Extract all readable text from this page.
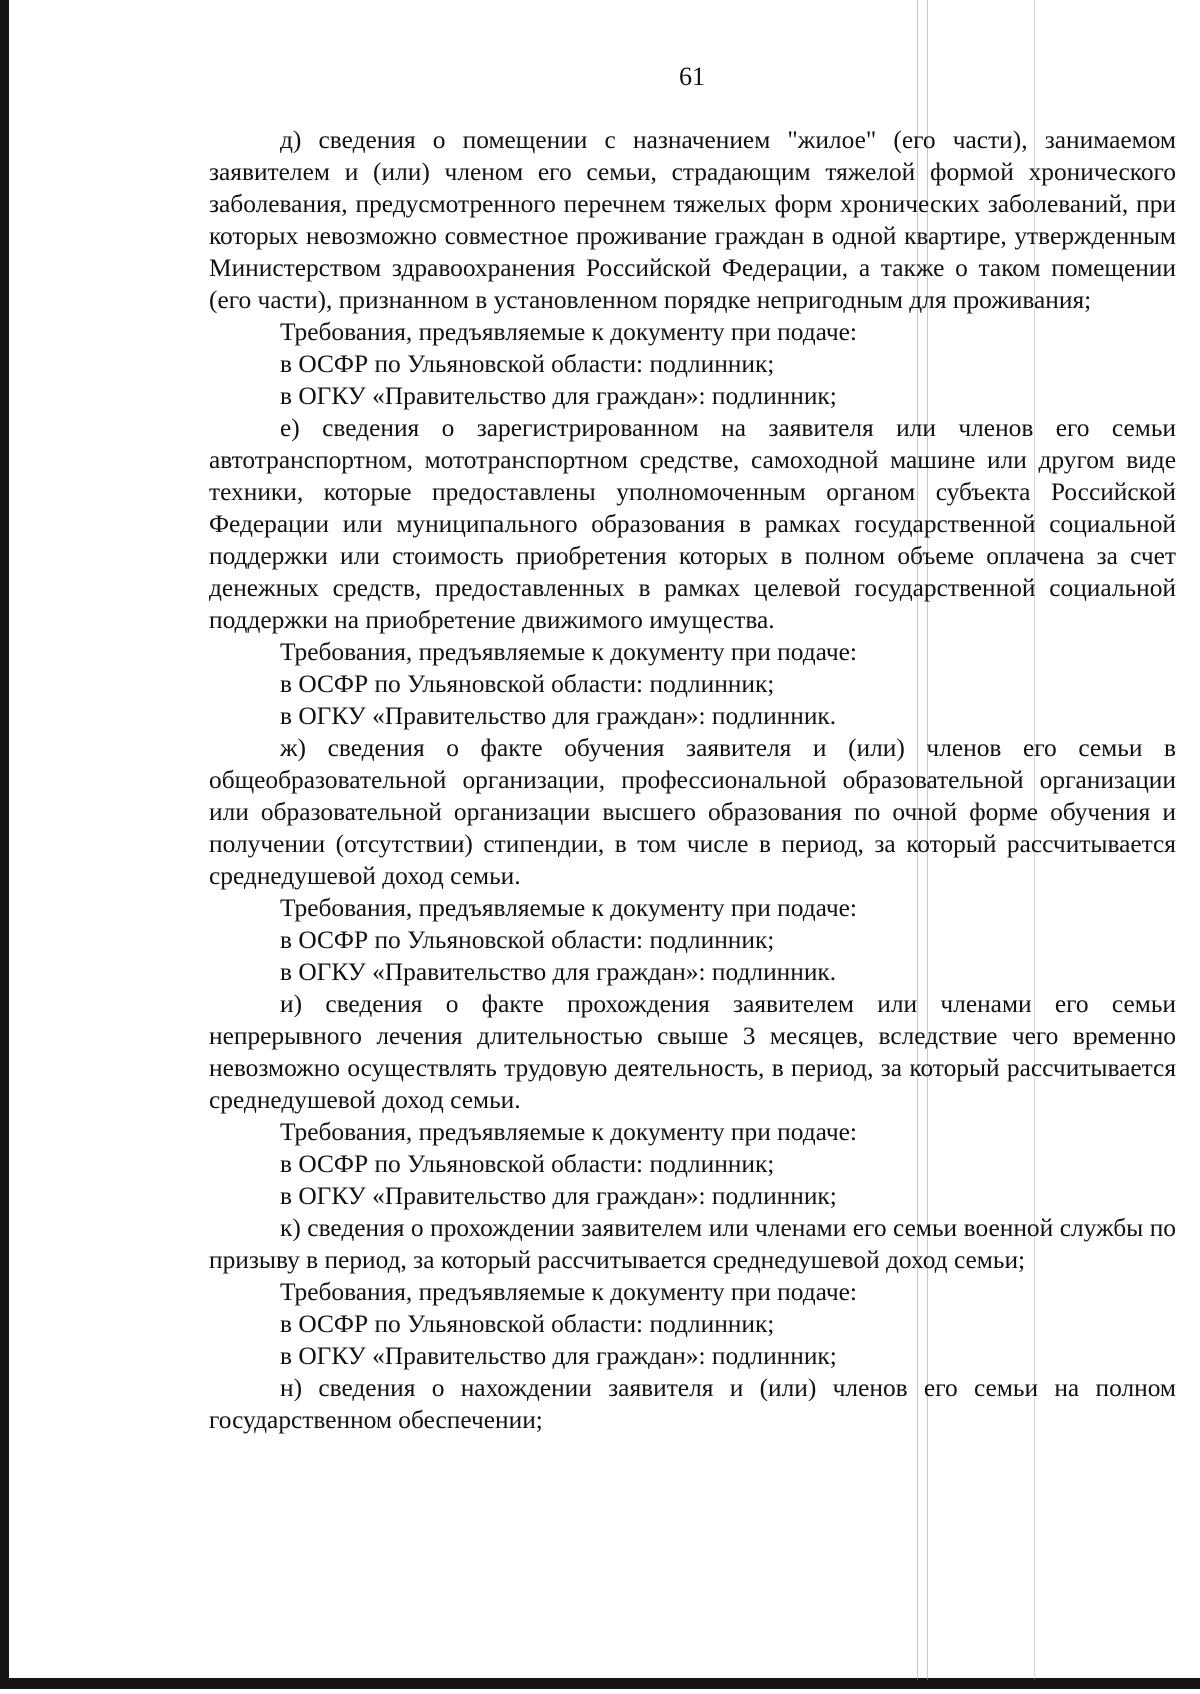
61

д) сведения о помещении с назначением "жилое" (его части), занимаемом заявителем и (или) членом его семьи, страдающим тяжелой формой хронического заболевания, предусмотренного перечнем тяжелых форм хронических заболеваний, при которых невозможно совместное проживание граждан в одной квартире, утвержденным Министерством здравоохранения Российской Федерации, а также о таком помещении (его части), признанном в установленном порядке непригодным для проживания;

Требования, предъявляемые к документу при подаче:

в ОСФР по Ульяновской области: подлинник;

в ОГКУ «Правительство для граждан»: подлинник;

е) сведения о зарегистрированном на заявителя или членов его семьи автотранспортном, мототранспортном средстве, самоходной машине или другом виде техники, которые предоставлены уполномоченным органом субъекта Российской Федерации или муниципального образования в рамках государственной социальной поддержки или стоимость приобретения которых в полном объеме оплачена за счет денежных средств, предоставленных в рамках целевой государственной социальной поддержки на приобретение движимого имущества.

Требования, предъявляемые к документу при подаче:

в ОСФР по Ульяновской области: подлинник;

в ОГКУ «Правительство для граждан»: подлинник.

ж) сведения о факте обучения заявителя и (или) членов его семьи в общеобразовательной организации, профессиональной образовательной организации или образовательной организации высшего образования по очной форме обучения и получении (отсутствии) стипендии, в том числе в период, за который рассчитывается среднедушевой доход семьи.

Требования, предъявляемые к документу при подаче:

в ОСФР по Ульяновской области: подлинник;

в ОГКУ «Правительство для граждан»: подлинник.

и) сведения о факте прохождения заявителем или членами его семьи непрерывного лечения длительностью свыше 3 месяцев, вследствие чего временно невозможно осуществлять трудовую деятельность, в период, за который рассчитывается среднедушевой доход семьи.

Требования, предъявляемые к документу при подаче:

в ОСФР по Ульяновской области: подлинник;

в ОГКУ «Правительство для граждан»: подлинник;

к) сведения о прохождении заявителем или членами его семьи военной службы по призыву в период, за который рассчитывается среднедушевой доход семьи;

Требования, предъявляемые к документу при подаче:

в ОСФР по Ульяновской области: подлинник;

в ОГКУ «Правительство для граждан»: подлинник;

н) сведения о нахождении заявителя и (или) членов его семьи на полном государственном обеспечении;
